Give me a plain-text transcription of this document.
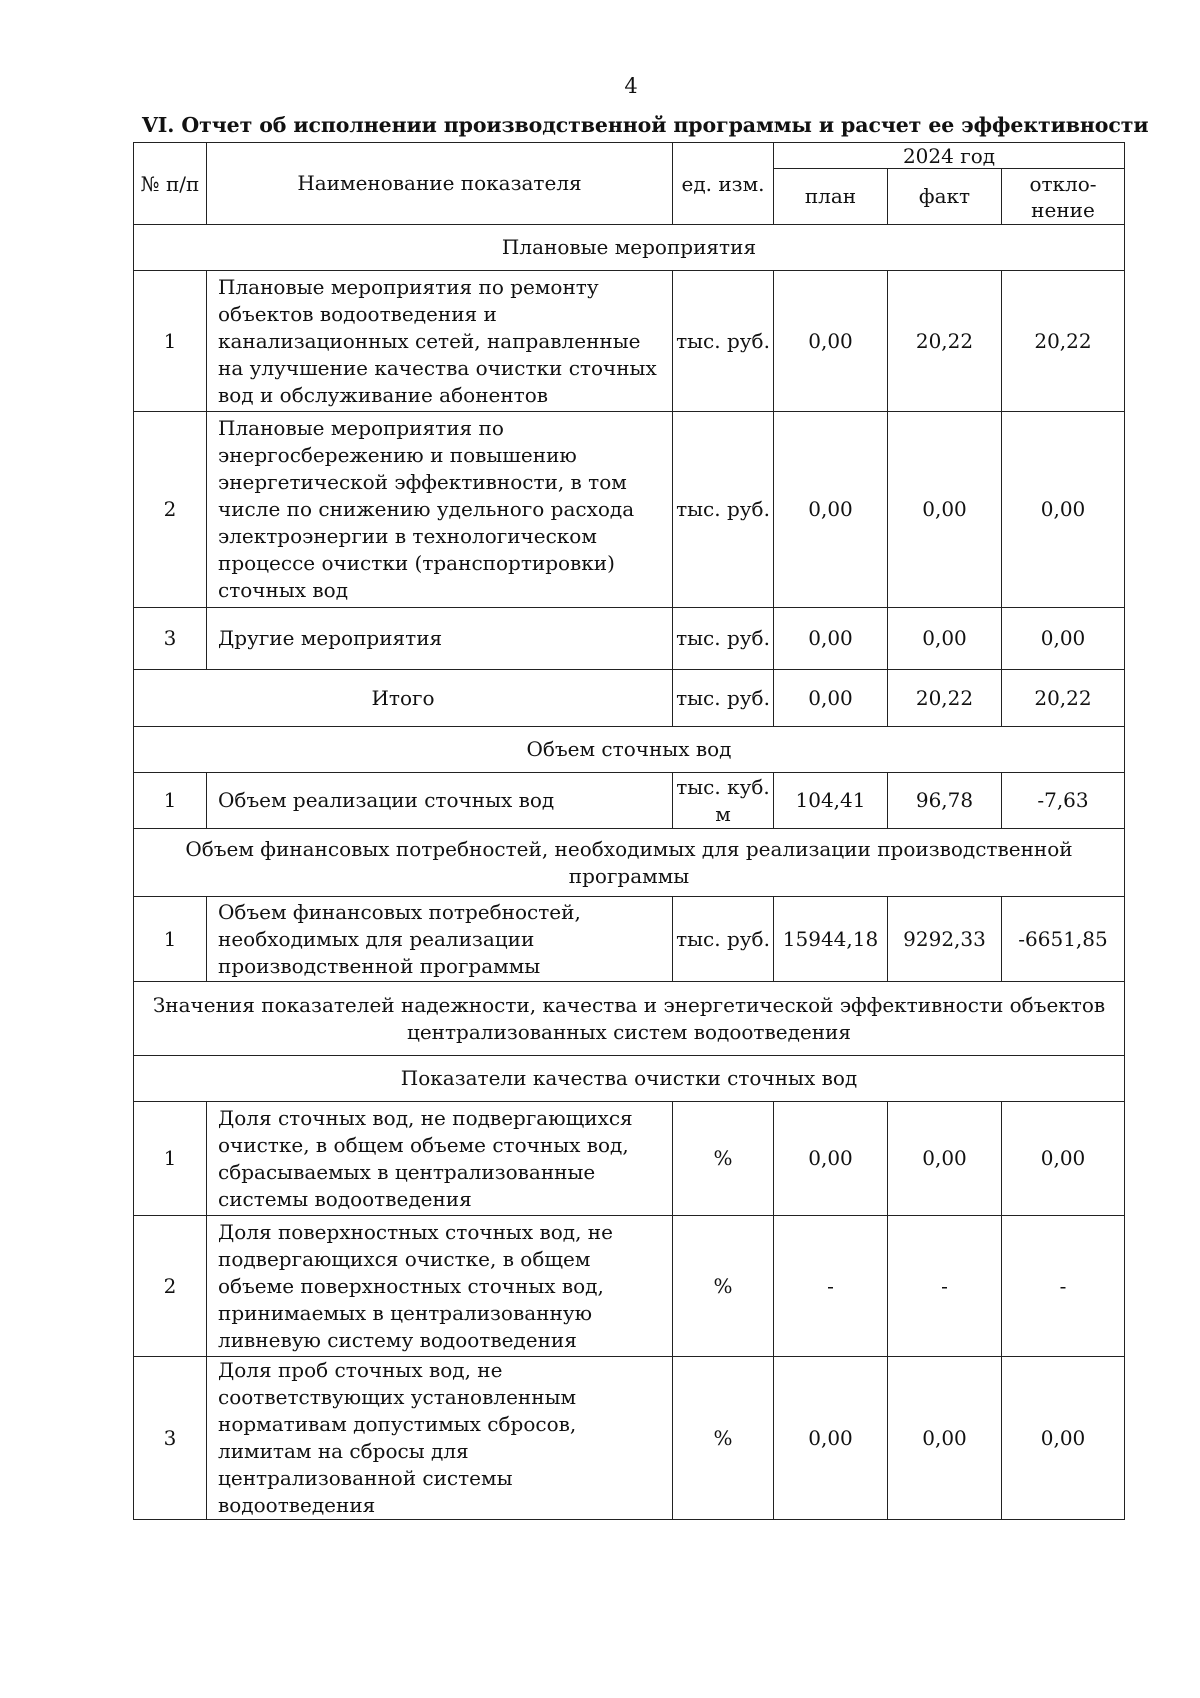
4
VI. Отчет об исполнении производственной программы и расчет ее эффективности
№ п/п	Наименование показателя	ед. изм.	2024 год		
			план	факт	откло-нение
Плановые мероприятия					
1	Плановые мероприятия по ремонту объектов водоотведения и канализационных сетей, направленные на улучшение качества очистки сточных вод и обслуживание абонентов	тыс. руб.	0,00	20,22	20,22
2	Плановые мероприятия по энергосбережению и повышению энергетической эффективности, в том числе по снижению удельного расхода электроэнергии в технологическом процессе очистки (транспортировки) сточных вод	тыс. руб.	0,00	0,00	0,00
3	Другие мероприятия	тыс. руб.	0,00	0,00	0,00
Итого		тыс. руб.	0,00	20,22	20,22
Объем сточных вод					
1	Объем реализации сточных вод	тыс. куб. м	104,41	96,78	-7,63
Объем финансовых потребностей, необходимых для реализации производственной программы					
1	Объем финансовых потребностей, необходимых для реализации производственной программы	тыс. руб.	15944,18	9292,33	-6651,85
Значения показателей надежности, качества и энергетической эффективности объектов централизованных систем водоотведения					
Показатели качества очистки сточных вод					
1	Доля сточных вод, не подвергающихся очистке, в общем объеме сточных вод, сбрасываемых в централизованные системы водоотведения	%	0,00	0,00	0,00
2	Доля поверхностных сточных вод, не подвергающихся очистке, в общем объеме поверхностных сточных вод, принимаемых в централизованную ливневую систему водоотведения	%	-	-	-
3	Доля проб сточных вод, не соответствующих установленным нормативам допустимых сбросов, лимитам на сбросы для централизованной системы водоотведения	%	0,00	0,00	0,00
